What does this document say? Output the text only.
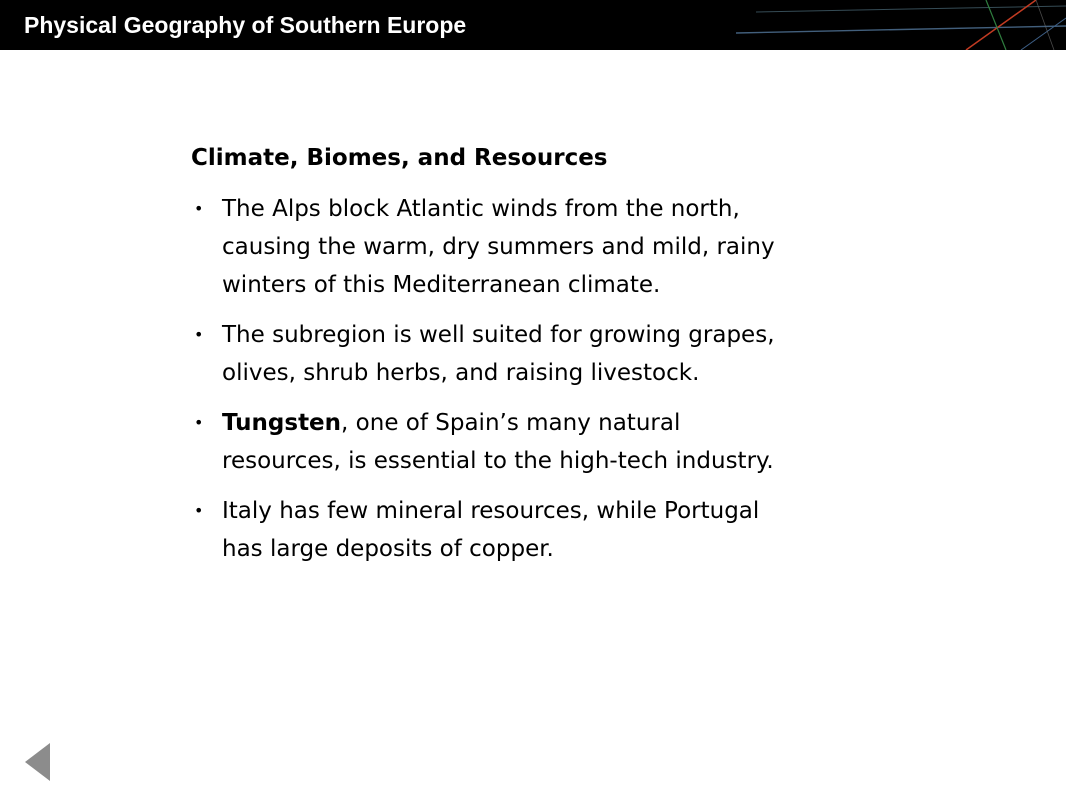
Physical Geography of Southern Europe
Climate, Biomes, and Resources
• The Alps block Atlantic winds from the north,
causing the warm, dry summers and mild, rainy
winters of this Mediterranean climate.
• The subregion is well suited for growing grapes,
olives, shrub herbs, and raising livestock.
• Tungsten, one of Spain’s many natural
resources, is essential to the high-tech industry.
• Italy has few mineral resources, while Portugal
has large deposits of copper.
